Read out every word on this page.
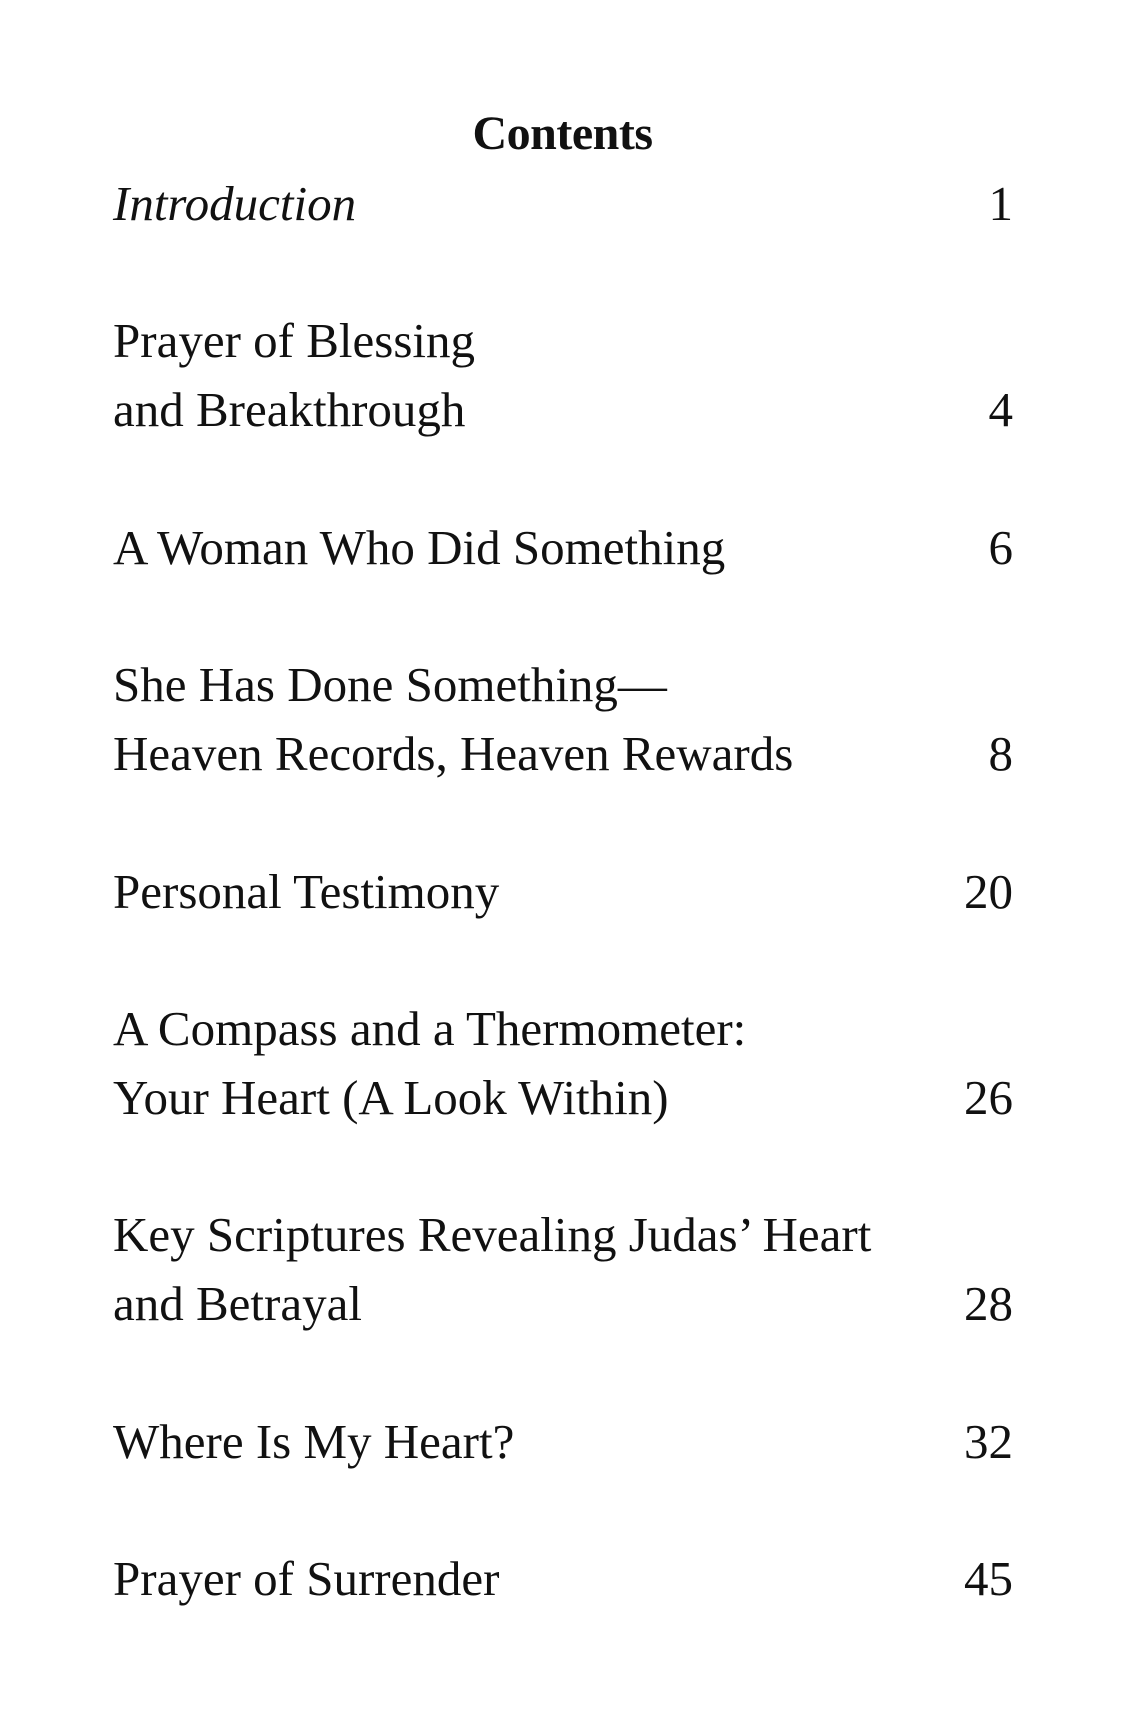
Contents
Introduction	1
Prayer of Blessing
and Breakthrough	4
A Woman Who Did Something	6
She Has Done Something—
Heaven Records, Heaven Rewards	8
Personal Testimony	20
A Compass and a Thermometer:
Your Heart (A Look Within)	26
Key Scriptures Revealing Judas’ Heart
and Betrayal	28
Where Is My Heart?	32
Prayer of Surrender	45
